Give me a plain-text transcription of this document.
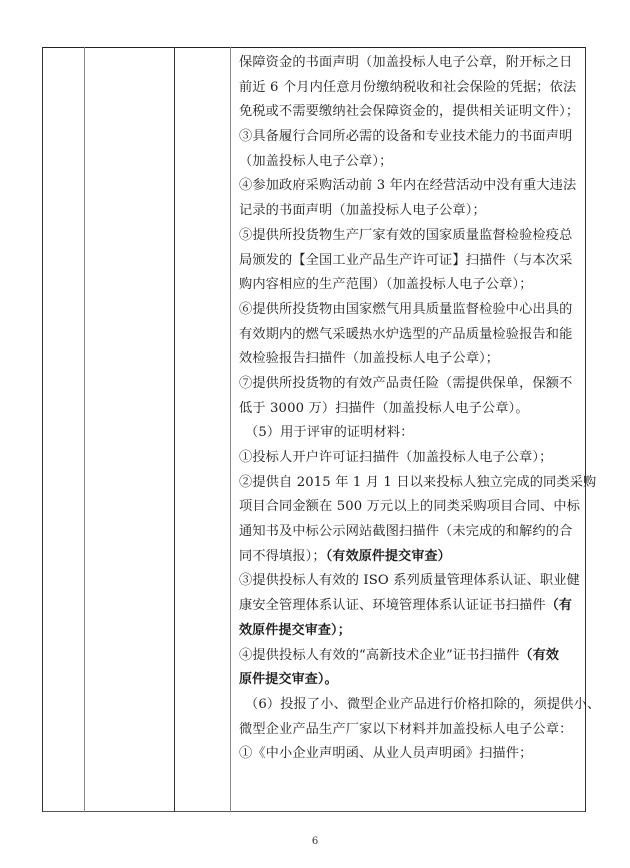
保障资金的书面声明（加盖投标人电子公章，附开标之日
前近 6 个月内任意月份缴纳税收和社会保险的凭据；依法
免税或不需要缴纳社会保障资金的，提供相关证明文件）；
③具备履行合同所必需的设备和专业技术能力的书面声明
（加盖投标人电子公章）；
④参加政府采购活动前 3 年内在经营活动中没有重大违法
记录的书面声明（加盖投标人电子公章）；
⑤提供所投货物生产厂家有效的国家质量监督检验检疫总
局颁发的【全国工业产品生产许可证】扫描件（与本次采
购内容相应的生产范围）（加盖投标人电子公章）；
⑥提供所投货物由国家燃气用具质量监督检验中心出具的
有效期内的燃气采暖热水炉选型的产品质量检验报告和能
效检验报告扫描件（加盖投标人电子公章）；
⑦提供所投货物的有效产品责任险（需提供保单，保额不
低于 3000 万）扫描件（加盖投标人电子公章）。
（5）用于评审的证明材料：
①投标人开户许可证扫描件（加盖投标人电子公章）；
②提供自 2015 年 1 月 1 日以来投标人独立完成的同类采购
项目合同金额在 500 万元以上的同类采购项目合同、中标
通知书及中标公示网站截图扫描件（未完成的和解约的合
同不得填报）；（有效原件提交审查）
③提供投标人有效的 ISO 系列质量管理体系认证、职业健
康安全管理体系认证、环境管理体系认证证书扫描件（有
效原件提交审查）；
④提供投标人有效的“高新技术企业”证书扫描件（有效
原件提交审查）。
（6）投报了小、微型企业产品进行价格扣除的，须提供小、
微型企业产品生产厂家以下材料并加盖投标人电子公章：
①《中小企业声明函、从业人员声明函》扫描件；
6
